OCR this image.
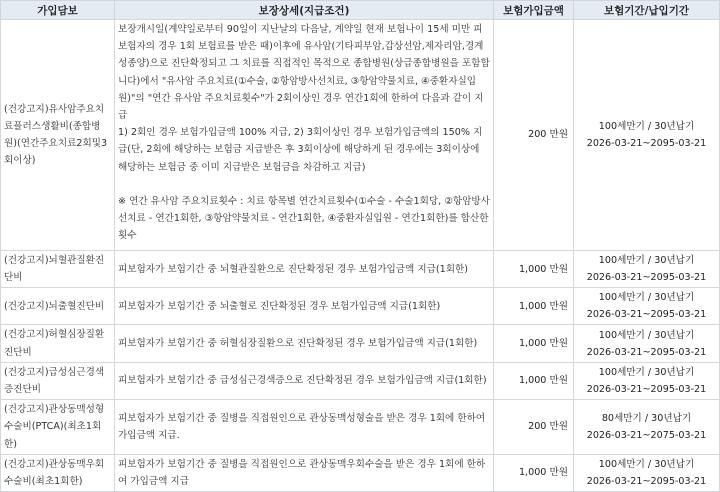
가입담보	보장상세(지급조건)	보험가입금액	보험기간/납입기간
(건강고지)유사암주요치료플러스생활비(종합병원)(연간주요치료2회및3회이상)	보장개시일(계약일로부터 90일이 지난날의 다음날, 계약일 현재 보험나이 15세 미만 피보험자의 경우 1회 보험료를 받은 때)이후에 유사암(기타피부암,갑상선암,제자리암,경계성종양)으로 진단확정되고 그 치료를 직접적인 목적으로 종합병원(상급종합병원을 포함합니다)에서 "유사암 주요치료(①수술, ②항암방사선치료, ③항암약물치료, ④중환자실입원)"의 "연간 유사암 주요치료횟수"가 2회이상인 경우 연간1회에 한하여 다음과 같이 지급
1) 2회인 경우 보험가입금액 100% 지급, 2) 3회이상인 경우 보험가입금액의 150% 지급(단, 2회에 해당하는 보험금 지급받은 후 3회이상에 해당하게 된 경우에는 3회이상에 해당하는 보험금 중 이미 지급받은 보험금을 차감하고 지급)
※ 연간 유사암 주요치료횟수 : 치료 항목별 연간치료횟수(①수술 - 수술1회당, ②항암방사선치료 - 연간1회한, ③항암약물치료 - 연간1회한, ④중환자실입원 - 연간1회한)를 합산한 횟수	200 만원	100세만기 / 30년납기
2026-03-21~2095-03-21

(건강고지)뇌혈관질환진단비	피보험자가 보험기간 중 뇌혈관질환으로 진단확정된 경우 보험가입금액 지급(1회한)	1,000 만원	100세만기 / 30년납기
2026-03-21~2095-03-21

(건강고지)뇌출혈진단비	피보험자가 보험기간 중 뇌출혈로 진단확정된 경우 보험가입금액 지급(1회한)	1,000 만원	100세만기 / 30년납기
2026-03-21~2095-03-21

(건강고지)허혈심장질환진단비	피보험자가 보험기간 중 허혈심장질환으로 진단확정된 경우 보험가입금액 지급(1회한)	1,000 만원	100세만기 / 30년납기
2026-03-21~2095-03-21

(건강고지)급성심근경색증진단비	피보험자가 보험기간 중 급성심근경색증으로 진단확정된 경우 보험가입금액 지급(1회한)	1,000 만원	100세만기 / 30년납기
2026-03-21~2095-03-21

(건강고지)관상동맥성형수술비(PTCA)(최초1회한)	피보험자가 보험기간 중 질병을 직접원인으로 관상동맥성형술을 받은 경우 1회에 한하여 가입금액 지급.	200 만원	80세만기 / 30년납기
2026-03-21~2075-03-21

(건강고지)관상동맥우회수술비(최초1회한)	피보험자가 보험기간 중 질병을 직접원인으로 관상동맥우회수술을 받은 경우 1회에 한하여 가입금액 지급	1,000 만원	100세만기 / 30년납기
2026-03-21~2095-03-21
